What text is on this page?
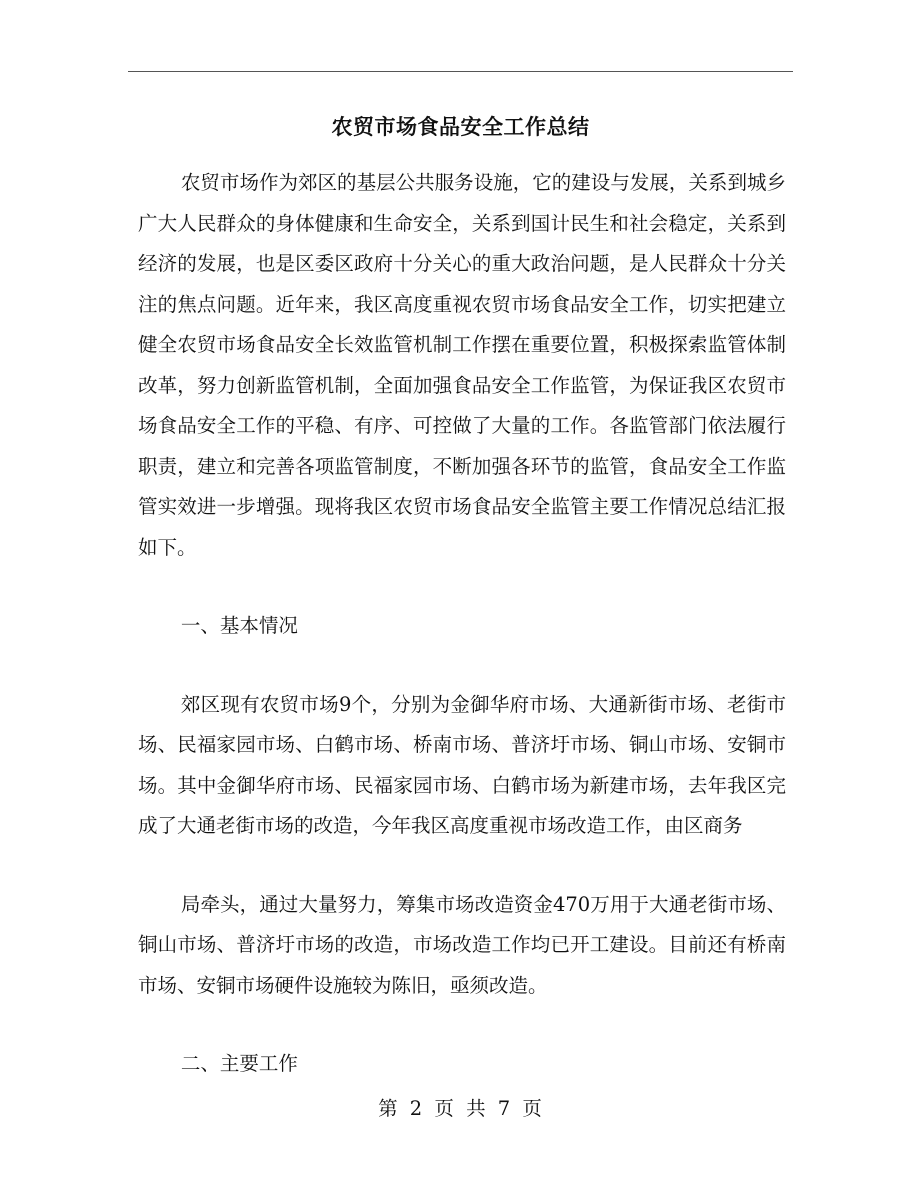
农贸市场食品安全工作总结

农贸市场作为郊区的基层公共服务设施，它的建设与发展，关系到城乡广大人民群众的身体健康和生命安全，关系到国计民生和社会稳定，关系到经济的发展，也是区委区政府十分关心的重大政治问题，是人民群众十分关注的焦点问题。近年来，我区高度重视农贸市场食品安全工作，切实把建立健全农贸市场食品安全长效监管机制工作摆在重要位置，积极探索监管体制改革，努力创新监管机制，全面加强食品安全工作监管，为保证我区农贸市场食品安全工作的平稳、有序、可控做了大量的工作。各监管部门依法履行职责，建立和完善各项监管制度，不断加强各环节的监管，食品安全工作监管实效进一步增强。现将我区农贸市场食品安全监管主要工作情况总结汇报如下。

一、基本情况

郊区现有农贸市场9个，分别为金御华府市场、大通新街市场、老街市场、民福家园市场、白鹤市场、桥南市场、普济圩市场、铜山市场、安铜市场。其中金御华府市场、民福家园市场、白鹤市场为新建市场，去年我区完成了大通老街市场的改造，今年我区高度重视市场改造工作，由区商务

局牵头，通过大量努力，筹集市场改造资金470万用于大通老街市场、铜山市场、普济圩市场的改造，市场改造工作均已开工建设。目前还有桥南市场、安铜市场硬件设施较为陈旧，亟须改造。

二、主要工作

第 2 页 共 7 页
